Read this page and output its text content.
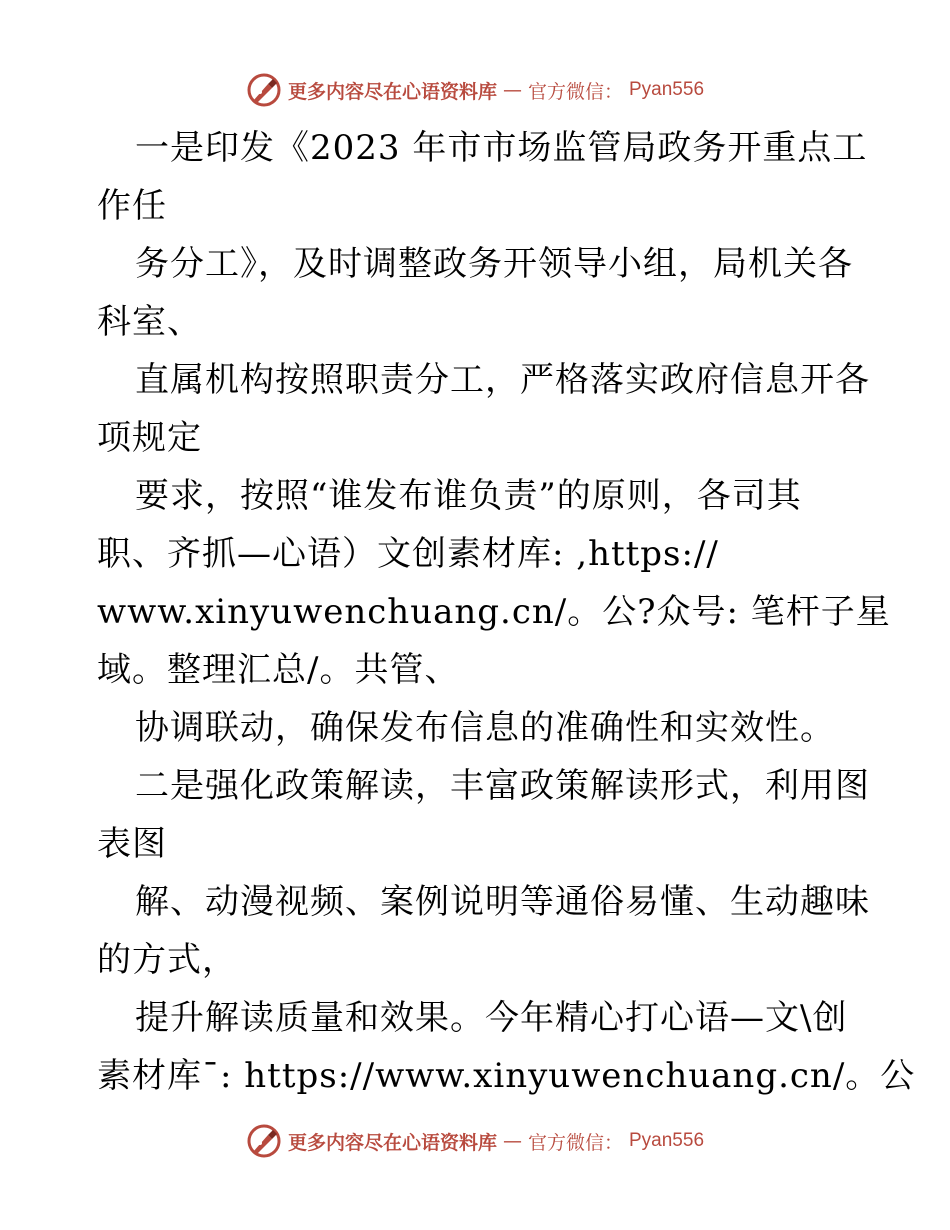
更多内容尽在心语资料库 — 官方微信： Pyan556
一是印发《2023 年市市场监管局政务开重点工
作任
务分工》，及时调整政务开领导小组，局机关各
科室、
直属机构按照职责分工，严格落实政府信息开各
项规定
要求，按照“谁发布谁负责”的原则，各司其
职、齐抓—心语）文创素材库: ,https://
www.xinyuwenchuang.cn/。公?众号: 笔杆子星
域。整理汇总/。共管、
协调联动，确保发布信息的准确性和实效性。
二是强化政策解读，丰富政策解读形式，利用图
表图
解、动漫视频、案例说明等通俗易懂、生动趣味
的方式，
提升解读质量和效果。今年精心打心语—文\创
素材库¯: https://www.xinyuwenchuang.cn/。公
更多内容尽在心语资料库 — 官方微信： Pyan556
